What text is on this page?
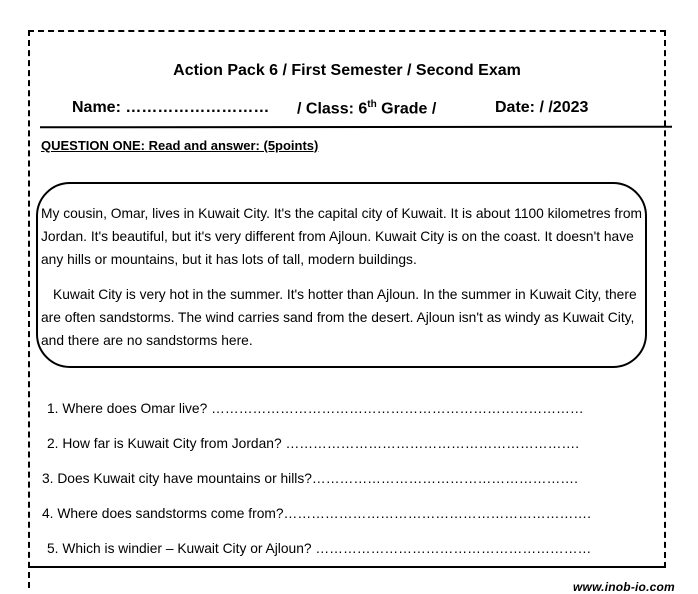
Action Pack 6 / First Semester / Second Exam
Name: ……………………… / Class: 6th Grade /	Date: / /2023
QUESTION ONE: Read and answer: (5points)
My cousin, Omar, lives in Kuwait City. It's the capital city of Kuwait. It is about 1100 kilometres from Jordan. It's beautiful, but it's very different from Ajloun. Kuwait City is on the coast. It doesn't have any hills or mountains, but it has lots of tall, modern buildings.
Kuwait City is very hot in the summer. It's hotter than Ajloun. In the summer in Kuwait City, there are often sandstorms. The wind carries sand from the desert. Ajloun isn't as windy as Kuwait City, and there are no sandstorms here.
1. Where does Omar live? ………………………………………………………………………
2. How far is Kuwait City from Jordan? ……………………………………………………….
3. Does Kuwait city have mountains or hills?………………………………………………….
4. Where does sandstorms come from?………………………………………………………….
5. Which is windier – Kuwait City or Ajloun? ……………………………………………………
www.inob-io.com
